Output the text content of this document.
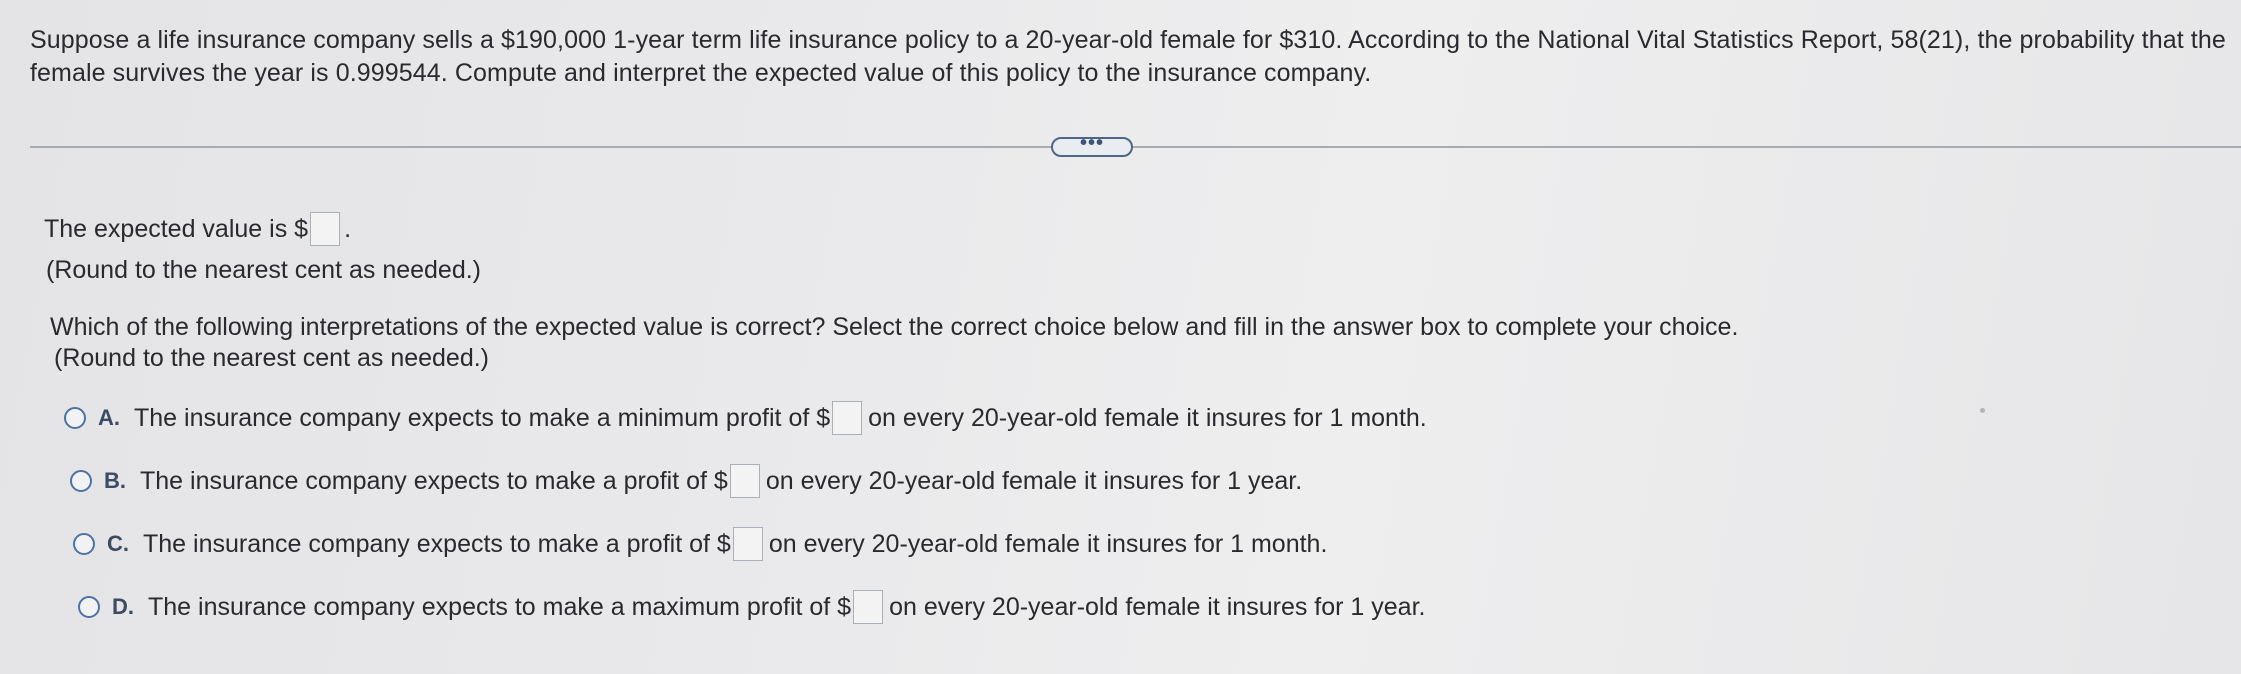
Suppose a life insurance company sells a $190,000 1-year term life insurance policy to a 20-year-old female for $310. According to the National Vital Statistics Report, 58(21), the probability that the female survives the year is 0.999544. Compute and interpret the expected value of this policy to the insurance company.
•••
The expected value is $ .
(Round to the nearest cent as needed.)
Which of the following interpretations of the expected value is correct? Select the correct choice below and fill in the answer box to complete your choice.
(Round to the nearest cent as needed.)
A. The insurance company expects to make a minimum profit of $ on every 20-year-old female it insures for 1 month.
B. The insurance company expects to make a profit of $ on every 20-year-old female it insures for 1 year.
C. The insurance company expects to make a profit of $ on every 20-year-old female it insures for 1 month.
D. The insurance company expects to make a maximum profit of $ on every 20-year-old female it insures for 1 year.
